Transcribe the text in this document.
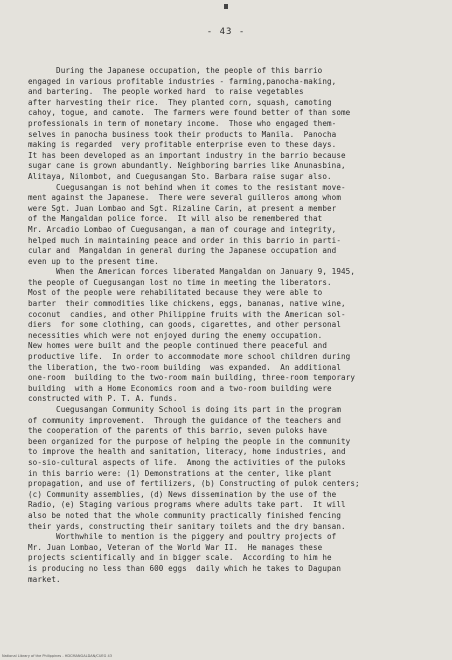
- 43 -
During the Japanese occupation, the people of this barrio
engaged in various profitable industries - farming,panocha-making,
and bartering.  The people worked hard  to raise vegetables
after harvesting their rice.  They planted corn, squash, camoting
cahoy, togue, and camote.  The farmers were found better of than some
professionals in term of monetary income.  Those who engaged them-
selves in panocha business took their products to Manila.  Panocha
making is regarded  very profitable enterprise even to these days.
It has been developed as an important industry in the barrio because
sugar cane is grown abundantly. Neighboring barries like Anunasbina,
Alitaya, Nilombot, and Cuegusangan Sto. Barbara raise sugar also.
Cuegusangan is not behind when it comes to the resistant move-
ment against the Japanese.  There were several guilleros among whom
were Sgt. Juan Lombao and Sgt. Rizaline Carin, at present a member
of the Mangaldan police force.  It will also be remembered that
Mr. Arcadio Lombao of Cuegusangan, a man of courage and integrity,
helped much in maintaining peace and order in this barrio in parti-
cular and  Mangaldan in general during the Japanese occupation and
even up to the present time.
When the American forces liberated Mangaldan on January 9, 1945,
the people of Cuegusangan lost no time in meeting the liberators.
Most of the people were rehabilitated because they were able to
barter  their commodities like chickens, eggs, bananas, native wine,
coconut  candies, and other Philippine fruits with the American sol-
diers  for some clothing, can goods, cigarettes, and other personal
necessities which were not enjoyed during the enemy occupation.
New homes were built and the people continued there peaceful and
productive life.  In order to accommodate more school children during
the liberation, the two-room building  was expanded.  An additional
one-room  building to the two-room main building, three-room temporary
building  with a Home Economics room and a two-room building were
constructed with P. T. A. funds.
Cuegusangan Community School is doing its part in the program
of community improvement.  Through the guidance of the teachers and
the cooperation of the parents of this barrio, seven puloks have
been organized for the purpose of helping the people in the community
to improve the health and sanitation, literacy, home industries, and
so-sio-cultural aspects of life.  Among the activities of the puloks
in this barrio were: (1) Demonstrations at the center, like plant
propagation, and use of fertilizers, (b) Constructing of pulok centers;
(c) Community assemblies, (d) News dissemination by the use of the
Radio, (e) Staging various programs where adults take part.  It will
also be noted that the whole community practically finished fencing
their yards, constructing their sanitary toilets and the dry bansan.
Worthwhile to mention is the piggery and poultry projects of
Mr. Juan Lombao, Veteran of the World War II.  He manages these
projects scientifically and in bigger scale.  According to him he
is producing no less than 600 eggs  daily which he takes to Dagupan
market.
National Library of the Philippines - HDCMANGALDAN/CUEG 43
